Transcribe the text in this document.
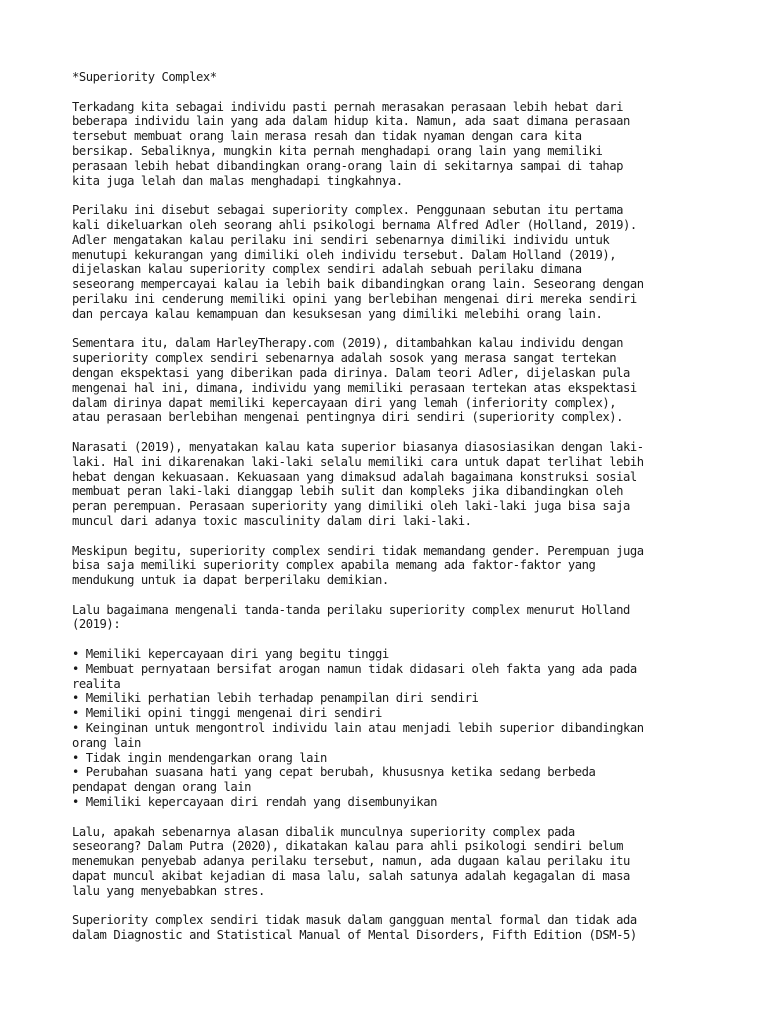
*Superiority Complex*
Terkadang kita sebagai individu pasti pernah merasakan perasaan lebih hebat dari
beberapa individu lain yang ada dalam hidup kita. Namun, ada saat dimana perasaan
tersebut membuat orang lain merasa resah dan tidak nyaman dengan cara kita
bersikap. Sebaliknya, mungkin kita pernah menghadapi orang lain yang memiliki
perasaan lebih hebat dibandingkan orang-orang lain di sekitarnya sampai di tahap
kita juga lelah dan malas menghadapi tingkahnya.
Perilaku ini disebut sebagai superiority complex. Penggunaan sebutan itu pertama
kali dikeluarkan oleh seorang ahli psikologi bernama Alfred Adler (Holland, 2019).
Adler mengatakan kalau perilaku ini sendiri sebenarnya dimiliki individu untuk
menutupi kekurangan yang dimiliki oleh individu tersebut. Dalam Holland (2019),
dijelaskan kalau superiority complex sendiri adalah sebuah perilaku dimana
seseorang mempercayai kalau ia lebih baik dibandingkan orang lain. Seseorang dengan
perilaku ini cenderung memiliki opini yang berlebihan mengenai diri mereka sendiri
dan percaya kalau kemampuan dan kesuksesan yang dimiliki melebihi orang lain.
Sementara itu, dalam HarleyTherapy.com (2019), ditambahkan kalau individu dengan
superiority complex sendiri sebenarnya adalah sosok yang merasa sangat tertekan
dengan ekspektasi yang diberikan pada dirinya. Dalam teori Adler, dijelaskan pula
mengenai hal ini, dimana, individu yang memiliki perasaan tertekan atas ekspektasi
dalam dirinya dapat memiliki kepercayaan diri yang lemah (inferiority complex),
atau perasaan berlebihan mengenai pentingnya diri sendiri (superiority complex).
Narasati (2019), menyatakan kalau kata superior biasanya diasosiasikan dengan laki-
laki. Hal ini dikarenakan laki-laki selalu memiliki cara untuk dapat terlihat lebih
hebat dengan kekuasaan. Kekuasaan yang dimaksud adalah bagaimana konstruksi sosial
membuat peran laki-laki dianggap lebih sulit dan kompleks jika dibandingkan oleh
peran perempuan. Perasaan superiority yang dimiliki oleh laki-laki juga bisa saja
muncul dari adanya toxic masculinity dalam diri laki-laki.
Meskipun begitu, superiority complex sendiri tidak memandang gender. Perempuan juga
bisa saja memiliki superiority complex apabila memang ada faktor-faktor yang
mendukung untuk ia dapat berperilaku demikian.
Lalu bagaimana mengenali tanda-tanda perilaku superiority complex menurut Holland
(2019):
• Memiliki kepercayaan diri yang begitu tinggi
• Membuat pernyataan bersifat arogan namun tidak didasari oleh fakta yang ada pada
realita
• Memiliki perhatian lebih terhadap penampilan diri sendiri
• Memiliki opini tinggi mengenai diri sendiri
• Keinginan untuk mengontrol individu lain atau menjadi lebih superior dibandingkan
orang lain
• Tidak ingin mendengarkan orang lain
• Perubahan suasana hati yang cepat berubah, khususnya ketika sedang berbeda
pendapat dengan orang lain
• Memiliki kepercayaan diri rendah yang disembunyikan
Lalu, apakah sebenarnya alasan dibalik munculnya superiority complex pada
seseorang? Dalam Putra (2020), dikatakan kalau para ahli psikologi sendiri belum
menemukan penyebab adanya perilaku tersebut, namun, ada dugaan kalau perilaku itu
dapat muncul akibat kejadian di masa lalu, salah satunya adalah kegagalan di masa
lalu yang menyebabkan stres.
Superiority complex sendiri tidak masuk dalam gangguan mental formal dan tidak ada
dalam Diagnostic and Statistical Manual of Mental Disorders, Fifth Edition (DSM-5)
